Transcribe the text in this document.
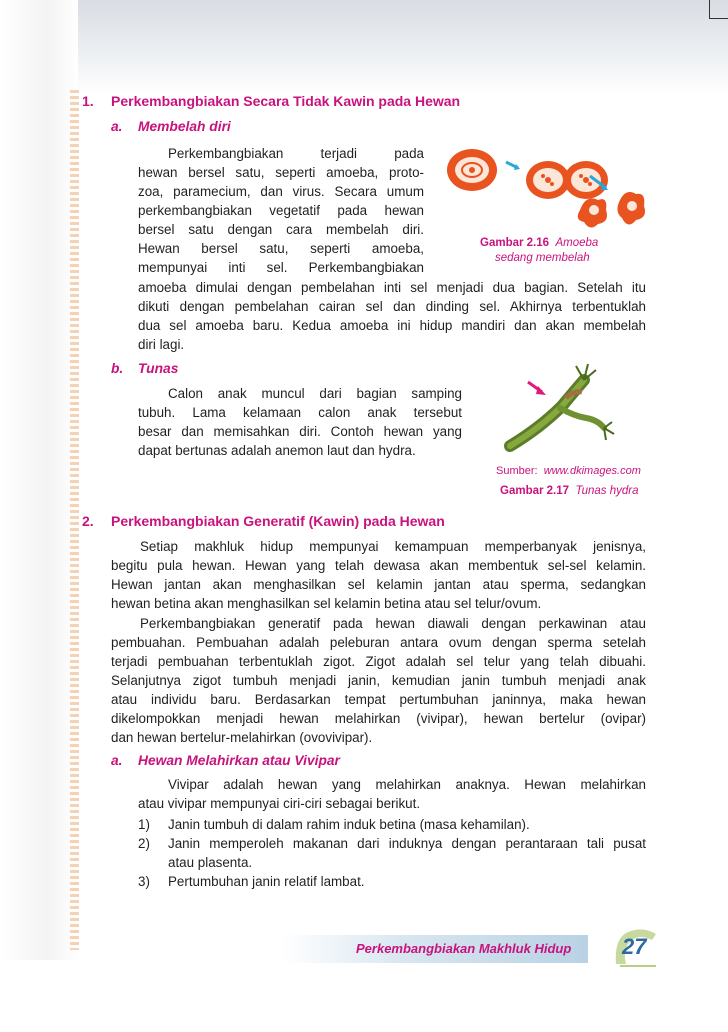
1. Perkembangbiakan Secara Tidak Kawin pada Hewan
a. Membelah diri
Perkembangbiakan terjadi pada
hewan bersel satu, seperti amoeba, proto-
zoa, paramecium, dan virus. Secara umum
perkembangbiakan vegetatif pada hewan
bersel satu dengan cara membelah diri.
Hewan bersel satu, seperti amoeba,
mempunyai inti sel. Perkembangbiakan
amoeba dimulai dengan pembelahan inti sel menjadi dua bagian. Setelah itu
dikuti dengan pembelahan cairan sel dan dinding sel. Akhirnya terbentuklah
dua sel amoeba baru. Kedua amoeba ini hidup mandiri dan akan membelah
diri lagi.
Gambar 2.16 Amoeba
sedang membelah
b. Tunas
Calon anak muncul dari bagian samping
tubuh. Lama kelamaan calon anak tersebut
besar dan memisahkan diri. Contoh hewan yang
dapat bertunas adalah anemon laut dan hydra.
Sumber: www.dkimages.com
Gambar 2.17 Tunas hydra
2. Perkembangbiakan Generatif (Kawin) pada Hewan
Setiap makhluk hidup mempunyai kemampuan memperbanyak jenisnya,
begitu pula hewan. Hewan yang telah dewasa akan membentuk sel-sel kelamin.
Hewan jantan akan menghasilkan sel kelamin jantan atau sperma, sedangkan
hewan betina akan menghasilkan sel kelamin betina atau sel telur/ovum.
Perkembangbiakan generatif pada hewan diawali dengan perkawinan atau
pembuahan. Pembuahan adalah peleburan antara ovum dengan sperma setelah
terjadi pembuahan terbentuklah zigot. Zigot adalah sel telur yang telah dibuahi.
Selanjutnya zigot tumbuh menjadi janin, kemudian janin tumbuh menjadi anak
atau individu baru. Berdasarkan tempat pertumbuhan janinnya, maka hewan
dikelompokkan menjadi hewan melahirkan (vivipar), hewan bertelur (ovipar)
dan hewan bertelur-melahirkan (ovovivipar).
a. Hewan Melahirkan atau Vivipar
Vivipar adalah hewan yang melahirkan anaknya. Hewan melahirkan
atau vivipar mempunyai ciri-ciri sebagai berikut.
1) Janin tumbuh di dalam rahim induk betina (masa kehamilan).
2) Janin memperoleh makanan dari induknya dengan perantaraan tali pusat
atau plasenta.
3) Pertumbuhan janin relatif lambat.
Perkembangbiakan Makhluk Hidup 27
